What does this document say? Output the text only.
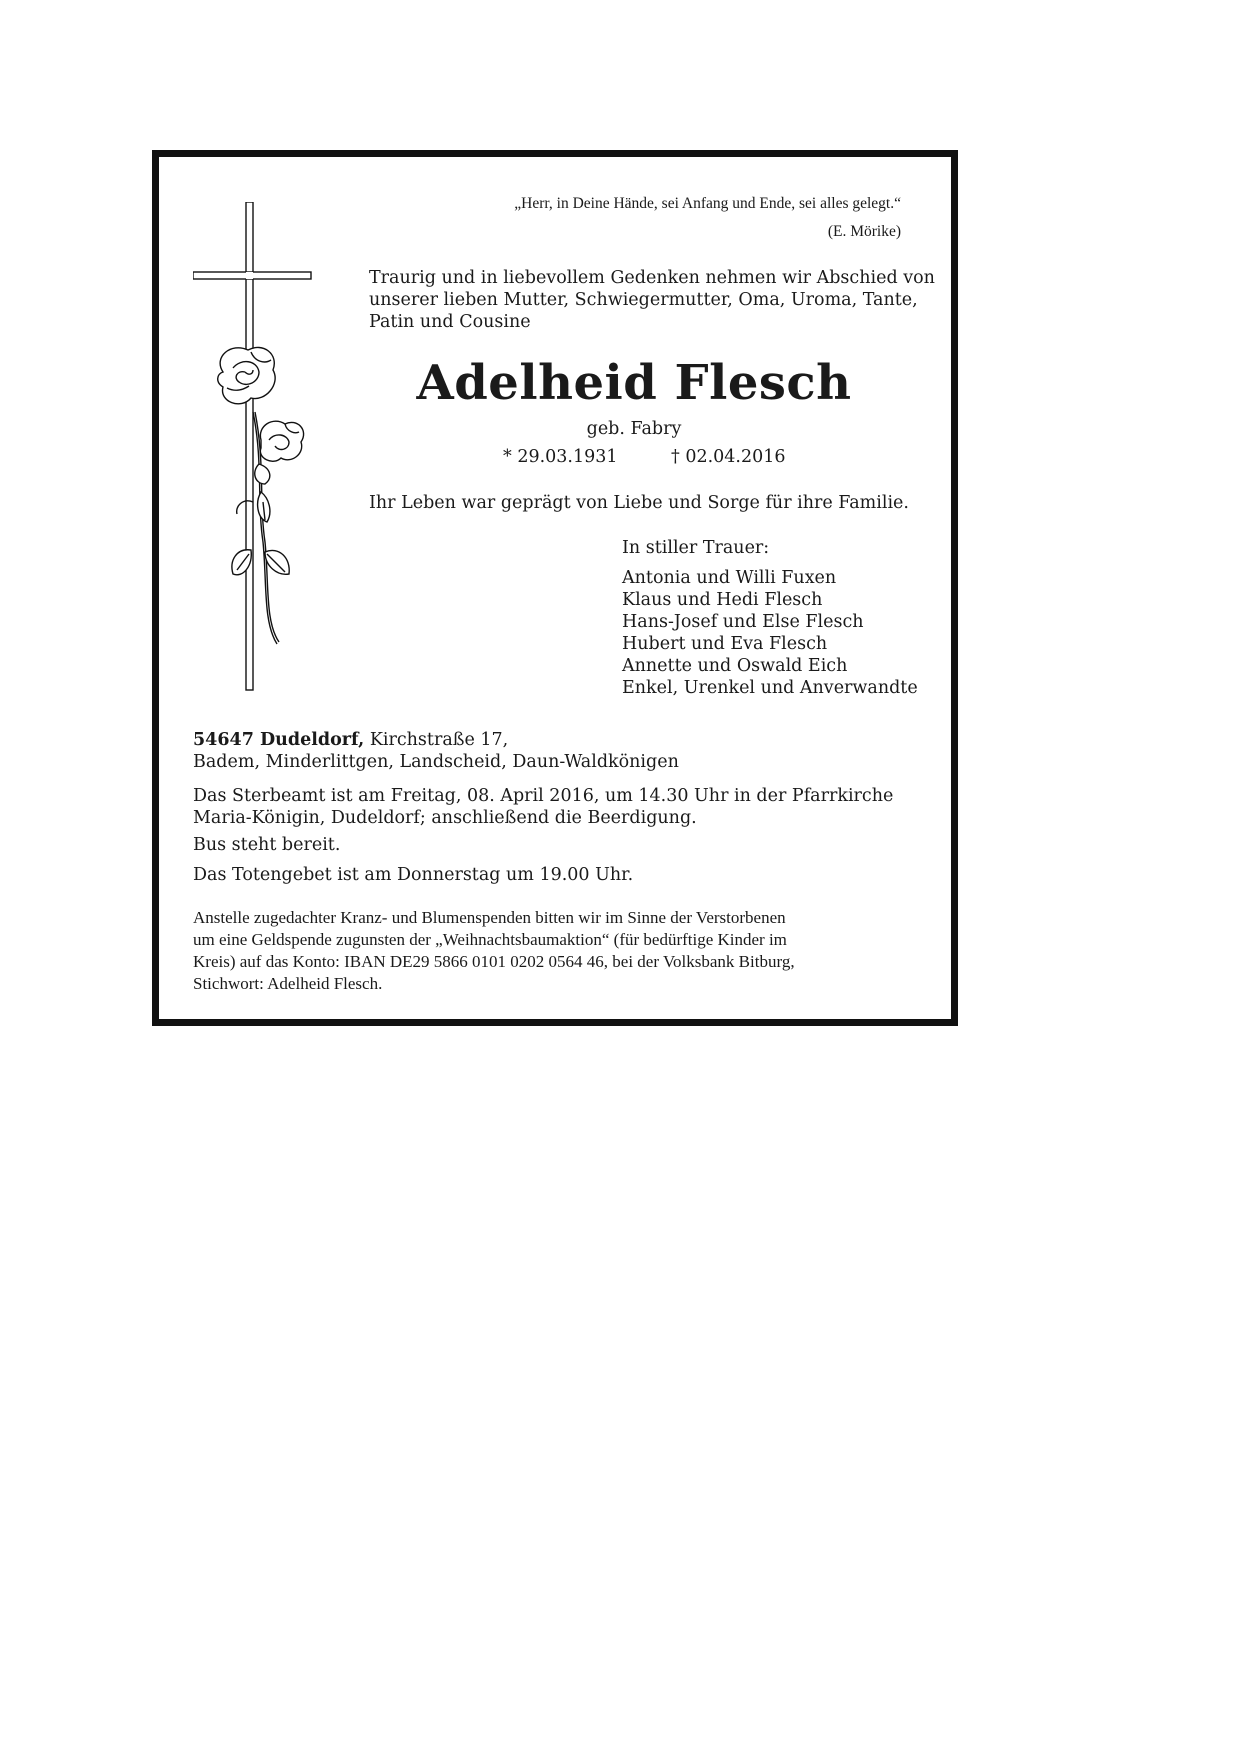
„Herr, in Deine Hände, sei Anfang und Ende, sei alles gelegt.“
(E. Mörike)
Traurig und in liebevollem Gedenken nehmen wir Abschied von
unserer lieben Mutter, Schwiegermutter, Oma, Uroma, Tante,
Patin und Cousine
Adelheid Flesch
geb. Fabry
* 29.03.1931	† 02.04.2016
Ihr Leben war geprägt von Liebe und Sorge für ihre Familie.
In stiller Trauer:
Antonia und Willi Fuxen
Klaus und Hedi Flesch
Hans-Josef und Else Flesch
Hubert und Eva Flesch
Annette und Oswald Eich
Enkel, Urenkel und Anverwandte
54647 Dudeldorf, Kirchstraße 17,
Badem, Minderlittgen, Landscheid, Daun-Waldkönigen
Das Sterbeamt ist am Freitag, 08. April 2016, um 14.30 Uhr in der Pfarrkirche
Maria-Königin, Dudeldorf; anschließend die Beerdigung.
Bus steht bereit.
Das Totengebet ist am Donnerstag um 19.00 Uhr.
Anstelle zugedachter Kranz- und Blumenspenden bitten wir im Sinne der Verstorbenen
um eine Geldspende zugunsten der „Weihnachtsbaumaktion“ (für bedürftige Kinder im
Kreis) auf das Konto: IBAN DE29 5866 0101 0202 0564 46, bei der Volksbank Bitburg,
Stichwort: Adelheid Flesch.
